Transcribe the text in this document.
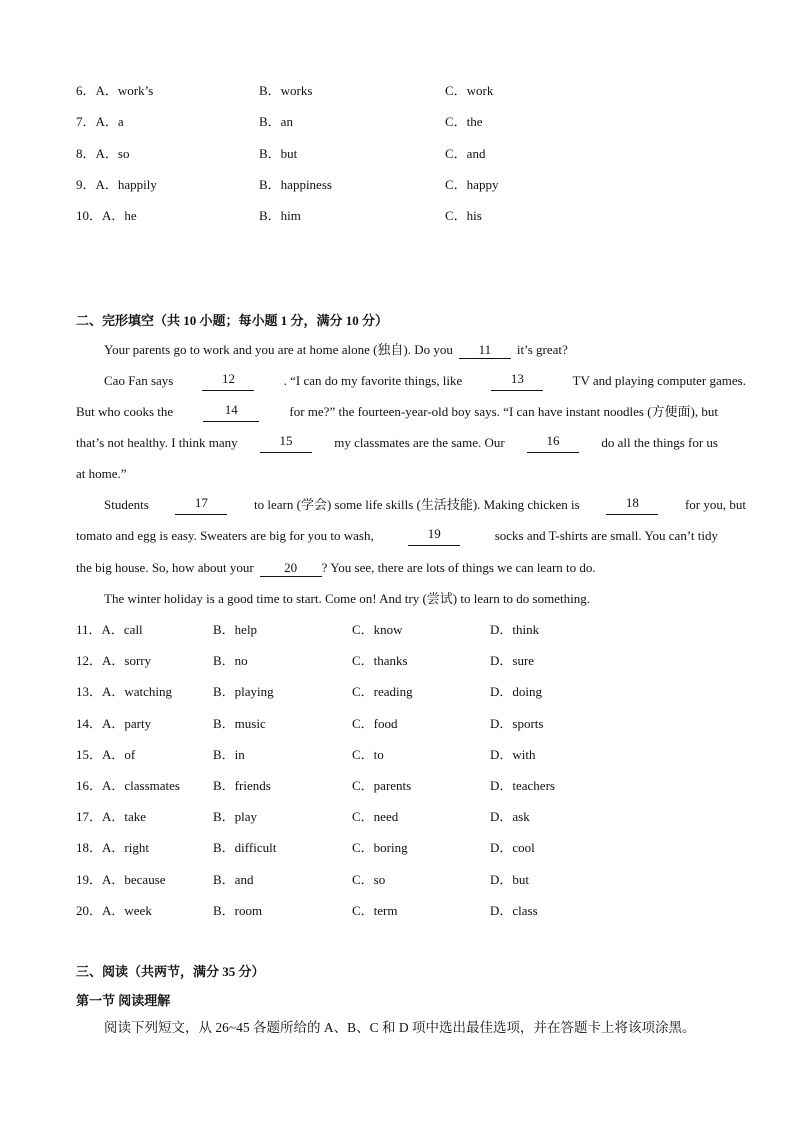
6．A．work’s	B．works	C．work
7．A．a	B．an	C．the
8．A．so	B．but	C．and
9．A．happily	B．happiness	C．happy
10．A．he	B．him	C．his
二、完形填空（共 10 小题；每小题 1 分，满分 10 分）
Your parents go to work and you are at home alone (独自). Do you 11 it’s great?
Cao Fan says	12	. “I can do my favorite things, like	13	TV and playing computer games.
But who cooks the	14	for me?” the fourteen-year-old boy says. “I can have instant noodles (方便面), but
that’s not healthy. I think many	15	my classmates are the same. Our	16	do all the things for us
at home.”
Students	17	to learn (学会) some life skills (生活技能). Making chicken is	18	for you, but
tomato and egg is easy. Sweaters are big for you to wash,	19	socks and T-shirts are small. You can’t tidy
the big house. So, how about your 20 ? You see, there are lots of things we can learn to do.
The winter holiday is a good time to start. Come on! And try (尝试) to learn to do something.
11．A．call	B．help	C．know	D．think
12．A．sorry	B．no	C．thanks	D．sure
13．A．watching	B．playing	C．reading	D．doing
14．A．party	B．music	C．food	D．sports
15．A．of	B．in	C．to	D．with
16．A．classmates	B．friends	C．parents	D．teachers
17．A．take	B．play	C．need	D．ask
18．A．right	B．difficult	C．boring	D．cool
19．A．because	B．and	C．so	D．but
20．A．week	B．room	C．term	D．class
三、阅读（共两节，满分 35 分）
第一节 阅读理解
阅读下列短文，从 26~45 各题所给的 A、B、C 和 D 项中选出最佳选项，并在答题卡上将该项涂黑。
